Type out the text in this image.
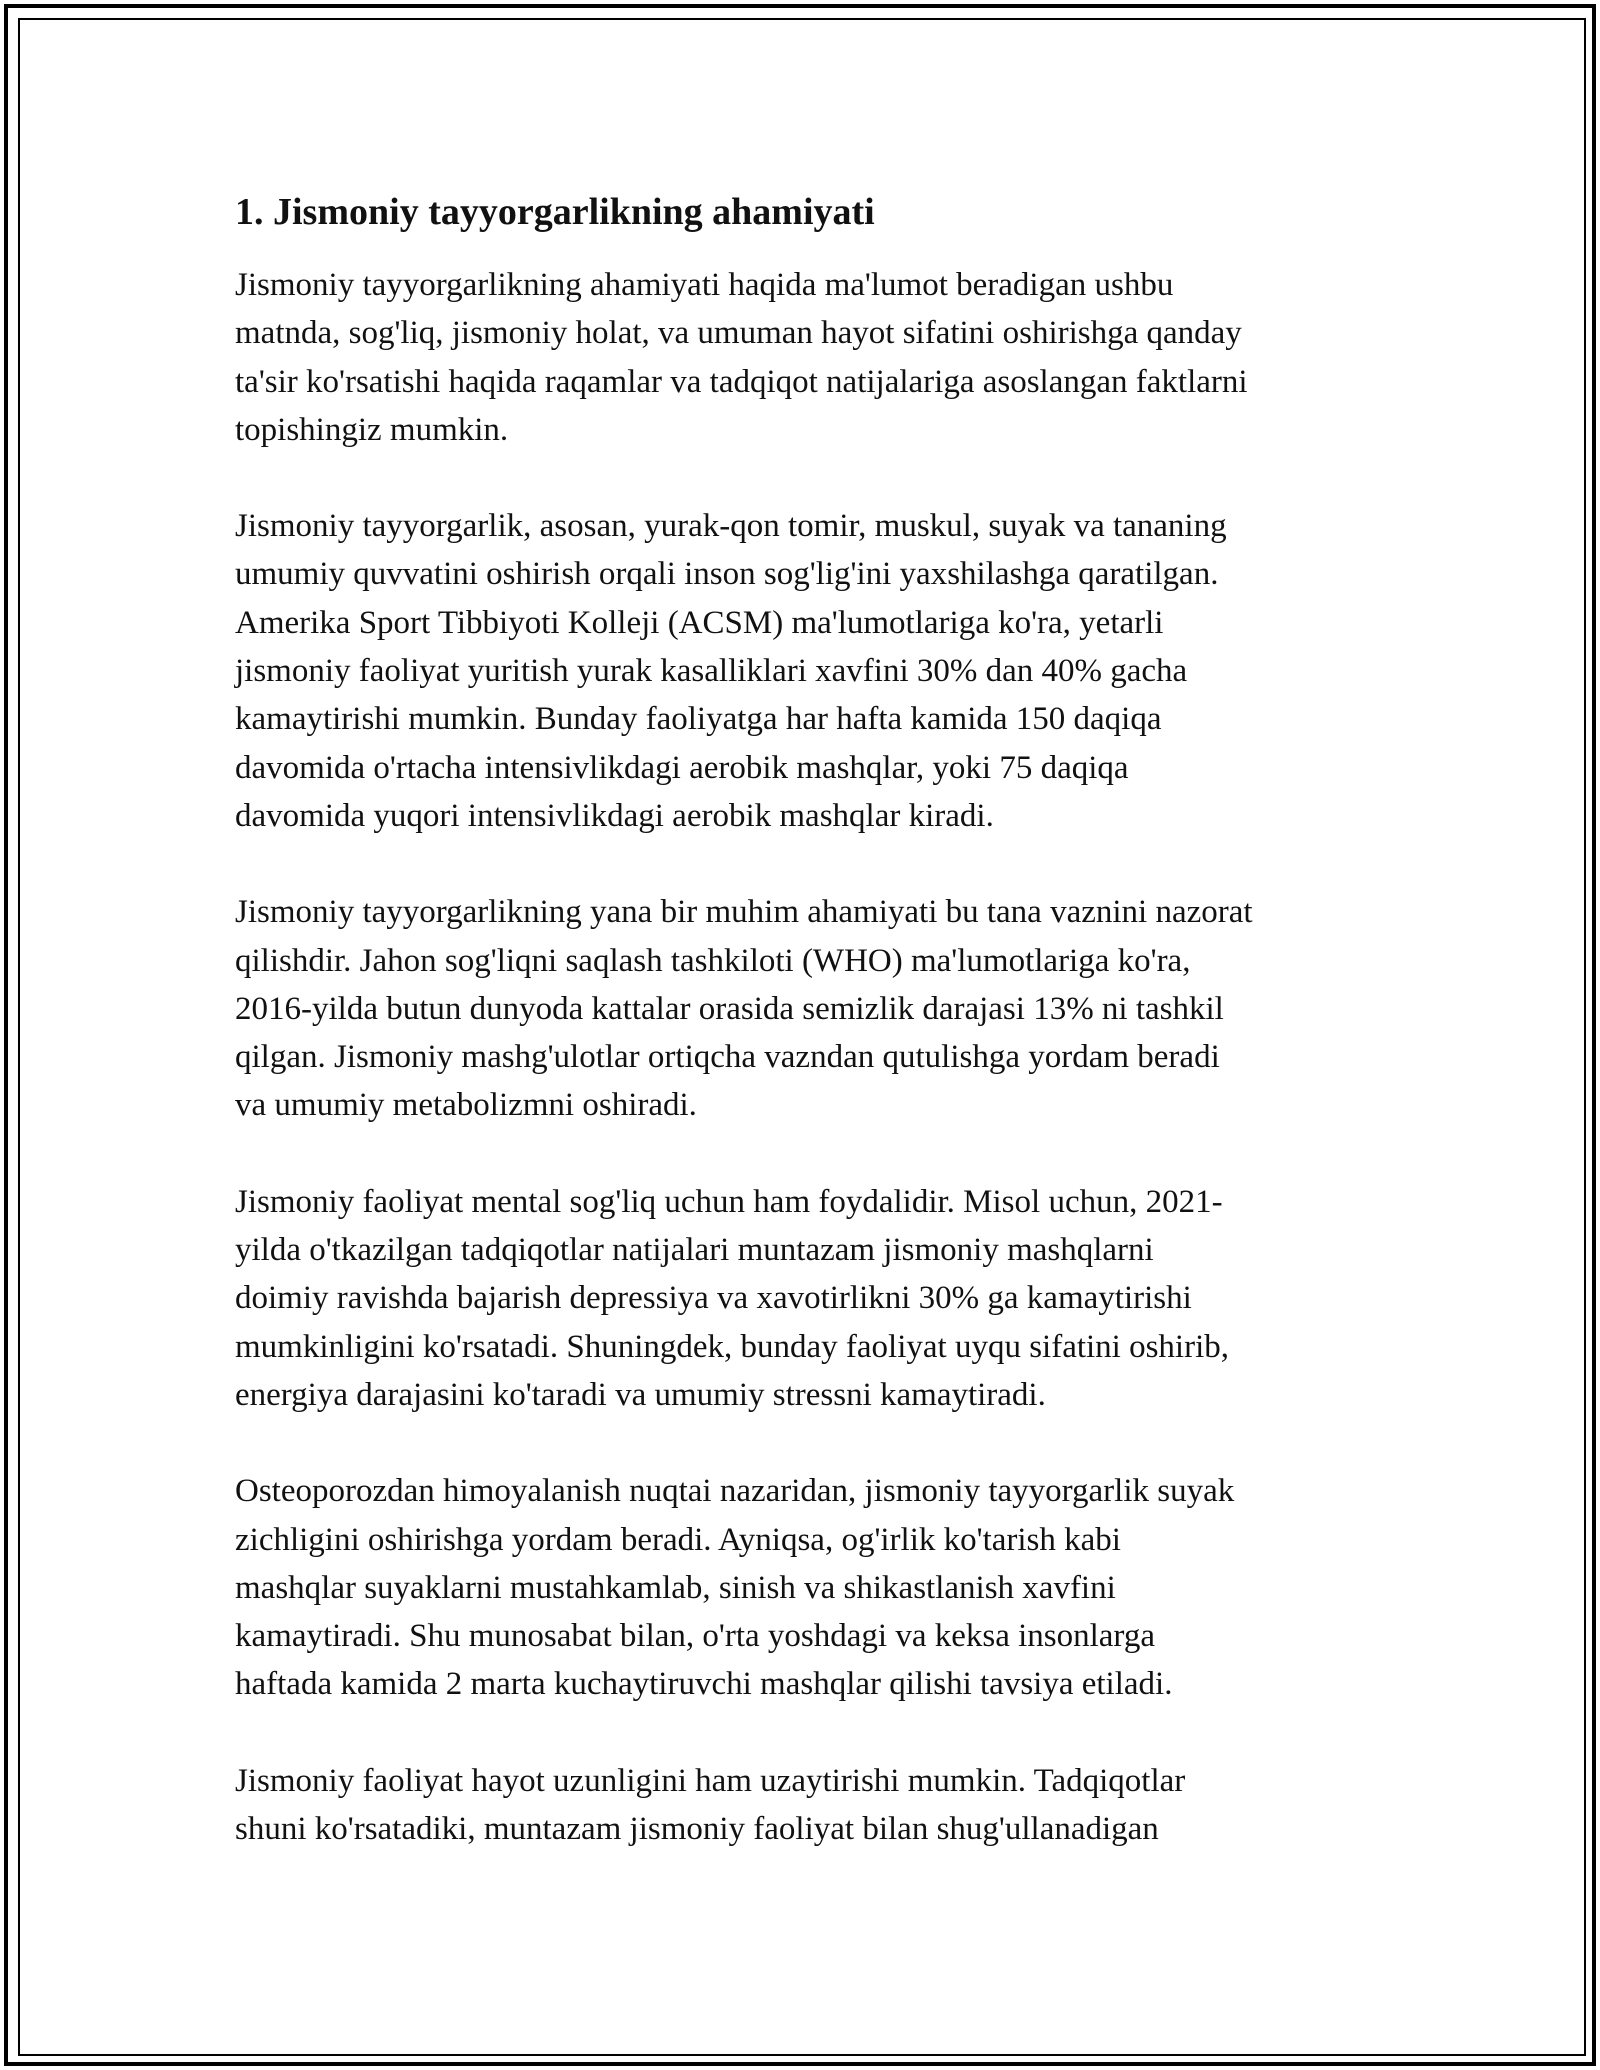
1. Jismoniy tayyorgarlikning ahamiyati

Jismoniy tayyorgarlikning ahamiyati haqida ma'lumot beradigan ushbu
matnda, sog'liq, jismoniy holat, va umuman hayot sifatini oshirishga qanday
ta'sir ko'rsatishi haqida raqamlar va tadqiqot natijalariga asoslangan faktlarni
topishingiz mumkin.

Jismoniy tayyorgarlik, asosan, yurak-qon tomir, muskul, suyak va tananing
umumiy quvvatini oshirish orqali inson sog'lig'ini yaxshilashga qaratilgan.
Amerika Sport Tibbiyoti Kolleji (ACSM) ma'lumotlariga ko'ra, yetarli
jismoniy faoliyat yuritish yurak kasalliklari xavfini 30% dan 40% gacha
kamaytirishi mumkin. Bunday faoliyatga har hafta kamida 150 daqiqa
davomida o'rtacha intensivlikdagi aerobik mashqlar, yoki 75 daqiqa
davomida yuqori intensivlikdagi aerobik mashqlar kiradi.

Jismoniy tayyorgarlikning yana bir muhim ahamiyati bu tana vaznini nazorat
qilishdir. Jahon sog'liqni saqlash tashkiloti (WHO) ma'lumotlariga ko'ra,
2016-yilda butun dunyoda kattalar orasida semizlik darajasi 13% ni tashkil
qilgan. Jismoniy mashg'ulotlar ortiqcha vazndan qutulishga yordam beradi
va umumiy metabolizmni oshiradi.

Jismoniy faoliyat mental sog'liq uchun ham foydalidir. Misol uchun, 2021-
yilda o'tkazilgan tadqiqotlar natijalari muntazam jismoniy mashqlarni
doimiy ravishda bajarish depressiya va xavotirlikni 30% ga kamaytirishi
mumkinligini ko'rsatadi. Shuningdek, bunday faoliyat uyqu sifatini oshirib,
energiya darajasini ko'taradi va umumiy stressni kamaytiradi.

Osteoporozdan himoyalanish nuqtai nazaridan, jismoniy tayyorgarlik suyak
zichligini oshirishga yordam beradi. Ayniqsa, og'irlik ko'tarish kabi
mashqlar suyaklarni mustahkamlab, sinish va shikastlanish xavfini
kamaytiradi. Shu munosabat bilan, o'rta yoshdagi va keksa insonlarga
haftada kamida 2 marta kuchaytiruvchi mashqlar qilishi tavsiya etiladi.

Jismoniy faoliyat hayot uzunligini ham uzaytirishi mumkin. Tadqiqotlar
shuni ko'rsatadiki, muntazam jismoniy faoliyat bilan shug'ullanadigan
